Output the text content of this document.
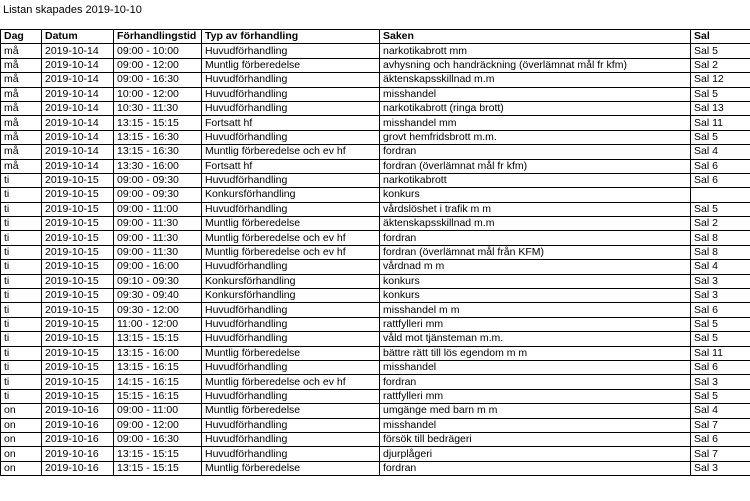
Listan skapades 2019-10-10
Dag	Datum	Förhandlingstid	Typ av förhandling	Saken	Sal
må	2019-10-14	09:00 - 10:00	Huvudförhandling	narkotikabrott mm	Sal 5
må	2019-10-14	09:00 - 12:00	Muntlig förberedelse	avhysning och handräckning (överlämnat mål fr kfm)	Sal 2
må	2019-10-14	09:00 - 16:30	Huvudförhandling	äktenskapsskillnad m.m	Sal 12
må	2019-10-14	10:00 - 12:00	Huvudförhandling	misshandel	Sal 5
må	2019-10-14	10:30 - 11:30	Huvudförhandling	narkotikabrott (ringa brott)	Sal 13
må	2019-10-14	13:15 - 15:15	Fortsatt hf	misshandel mm	Sal 11
må	2019-10-14	13:15 - 16:30	Huvudförhandling	grovt hemfridsbrott m.m.	Sal 5
må	2019-10-14	13:15 - 16:30	Muntlig förberedelse och ev hf	fordran	Sal 4
må	2019-10-14	13:30 - 16:00	Fortsatt hf	fordran (överlämnat mål fr kfm)	Sal 6
ti	2019-10-15	09:00 - 09:30	Huvudförhandling	narkotikabrott	Sal 6
ti	2019-10-15	09:00 - 09:30	Konkursförhandling	konkurs	
ti	2019-10-15	09:00 - 11:00	Huvudförhandling	vårdslöshet i trafik m m	Sal 5
ti	2019-10-15	09:00 - 11:30	Muntlig förberedelse	äktenskapsskillnad m.m	Sal 2
ti	2019-10-15	09:00 - 11:30	Muntlig förberedelse och ev hf	fordran	Sal 8
ti	2019-10-15	09:00 - 11:30	Muntlig förberedelse och ev hf	fordran (överlämnat mål från KFM)	Sal 8
ti	2019-10-15	09:00 - 16:00	Huvudförhandling	vårdnad m m	Sal 4
ti	2019-10-15	09:10 - 09:30	Konkursförhandling	konkurs	Sal 3
ti	2019-10-15	09:30 - 09:40	Konkursförhandling	konkurs	Sal 3
ti	2019-10-15	09:30 - 12:00	Huvudförhandling	misshandel m m	Sal 6
ti	2019-10-15	11:00 - 12:00	Huvudförhandling	rattfylleri mm	Sal 5
ti	2019-10-15	13:15 - 15:15	Huvudförhandling	våld mot tjänsteman m.m.	Sal 5
ti	2019-10-15	13:15 - 16:00	Muntlig förberedelse	bättre rätt till lös egendom m m	Sal 11
ti	2019-10-15	13:15 - 16:15	Huvudförhandling	misshandel	Sal 6
ti	2019-10-15	14:15 - 16:15	Muntlig förberedelse och ev hf	fordran	Sal 3
ti	2019-10-15	15:15 - 16:15	Huvudförhandling	rattfylleri mm	Sal 5
on	2019-10-16	09:00 - 11:00	Muntlig förberedelse	umgänge med barn m m	Sal 4
on	2019-10-16	09:00 - 12:00	Huvudförhandling	misshandel	Sal 7
on	2019-10-16	09:00 - 16:30	Huvudförhandling	försök till bedrägeri	Sal 6
on	2019-10-16	13:15 - 15:15	Huvudförhandling	djurplågeri	Sal 7
on	2019-10-16	13:15 - 15:15	Muntlig förberedelse	fordran	Sal 3
